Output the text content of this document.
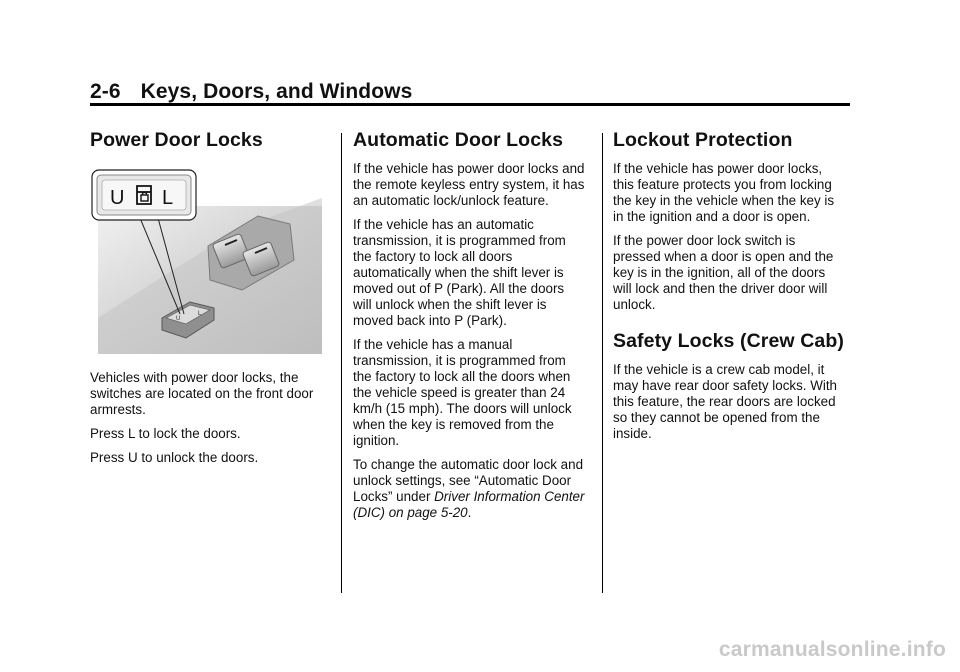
2-6 Keys, Doors, and Windows
Power Door Locks
U
L
U L

Vehicles with power door locks, the switches are located on the front door armrests.

Press L to lock the doors.

Press U to unlock the doors.

Automatic Door Locks

If the vehicle has power door locks and the remote keyless entry system, it has an automatic lock/unlock feature.

If the vehicle has an automatic transmission, it is programmed from the factory to lock all doors automatically when the shift lever is moved out of P (Park). All the doors will unlock when the shift lever is moved back into P (Park).

If the vehicle has a manual transmission, it is programmed from the factory to lock all the doors when the vehicle speed is greater than 24 km/h (15 mph). The doors will unlock when the key is removed from the ignition.

To change the automatic door lock and unlock settings, see “Automatic Door Locks” under Driver Information Center (DIC) on page 5-20.

Lockout Protection

If the vehicle has power door locks, this feature protects you from locking the key in the vehicle when the key is in the ignition and a door is open.

If the power door lock switch is pressed when a door is open and the key is in the ignition, all of the doors will lock and then the driver door will unlock.

Safety Locks (Crew Cab)

If the vehicle is a crew cab model, it may have rear door safety locks. With this feature, the rear doors are locked so they cannot be opened from the inside.

carmanualsonline.info
